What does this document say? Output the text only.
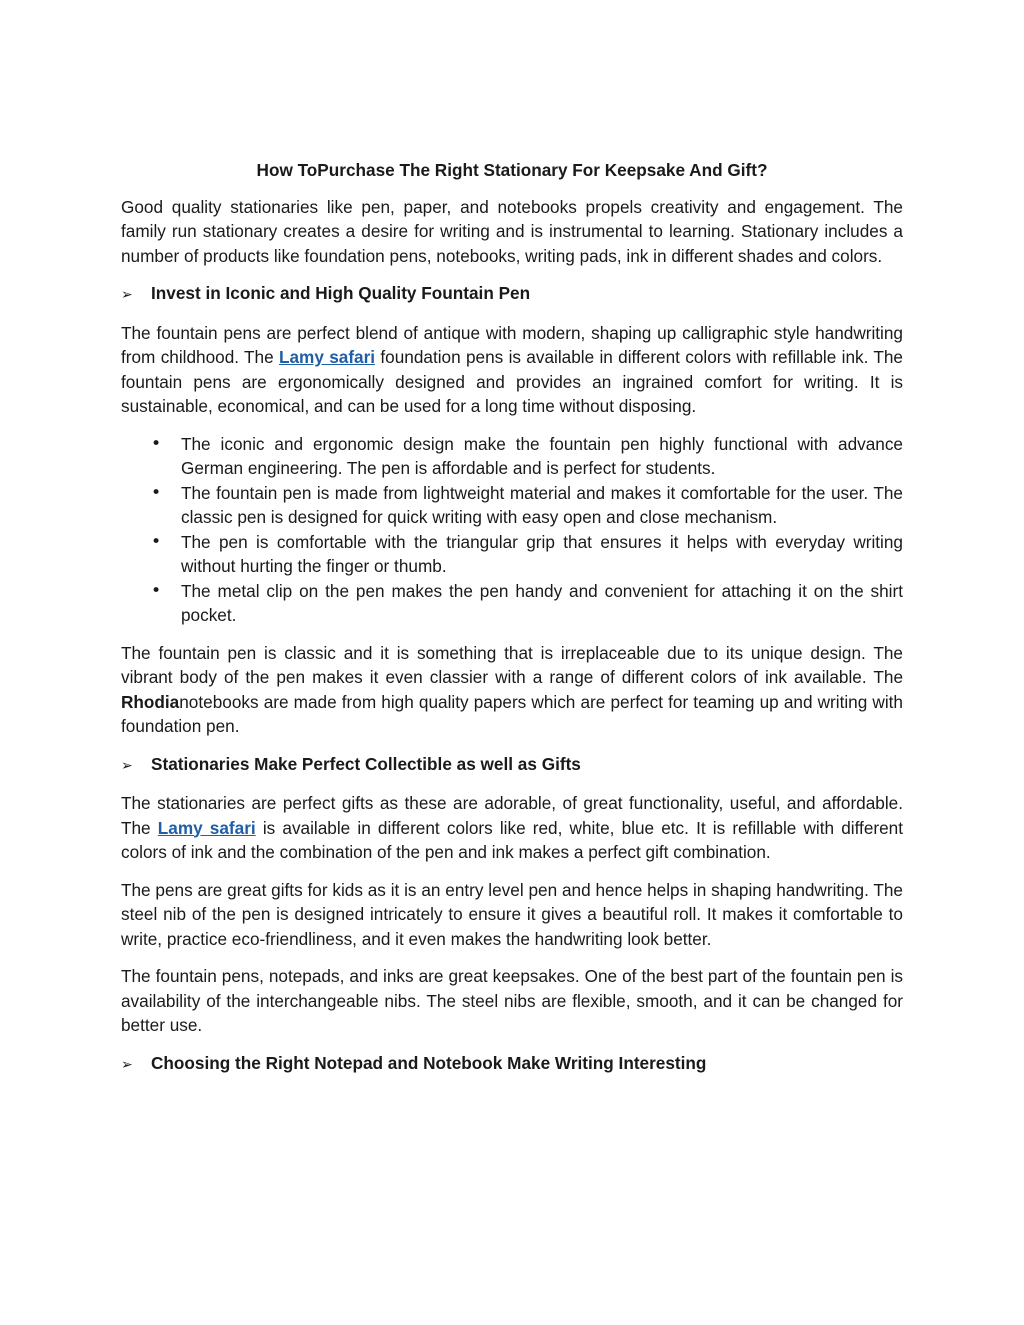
How ToPurchase The Right Stationary For Keepsake And Gift?

Good quality stationaries like pen, paper, and notebooks propels creativity and engagement. The family run stationary creates a desire for writing and is instrumental to learning. Stationary includes a number of products like foundation pens, notebooks, writing pads, ink in different shades and colors.

➢	Invest in Iconic and High Quality Fountain Pen

The fountain pens are perfect blend of antique with modern, shaping up calligraphic style handwriting from childhood. The Lamy safari foundation pens is available in different colors with refillable ink. The fountain pens are ergonomically designed and provides an ingrained comfort for writing. It is sustainable, economical, and can be used for a long time without disposing.

• The iconic and ergonomic design make the fountain pen highly functional with advance German engineering. The pen is affordable and is perfect for students.
• The fountain pen is made from lightweight material and makes it comfortable for the user. The classic pen is designed for quick writing with easy open and close mechanism.
• The pen is comfortable with the triangular grip that ensures it helps with everyday writing without hurting the finger or thumb.
• The metal clip on the pen makes the pen handy and convenient for attaching it on the shirt pocket.

The fountain pen is classic and it is something that is irreplaceable due to its unique design. The vibrant body of the pen makes it even classier with a range of different colors of ink available. The Rhodianotebooks are made from high quality papers which are perfect for teaming up and writing with foundation pen.

➢	Stationaries Make Perfect Collectible as well as Gifts

The stationaries are perfect gifts as these are adorable, of great functionality, useful, and affordable. The Lamy safari is available in different colors like red, white, blue etc. It is refillable with different colors of ink and the combination of the pen and ink makes a perfect gift combination.

The pens are great gifts for kids as it is an entry level pen and hence helps in shaping handwriting. The steel nib of the pen is designed intricately to ensure it gives a beautiful roll. It makes it comfortable to write, practice eco-friendliness, and it even makes the handwriting look better.

The fountain pens, notepads, and inks are great keepsakes. One of the best part of the fountain pen is availability of the interchangeable nibs. The steel nibs are flexible, smooth, and it can be changed for better use.

➢	Choosing the Right Notepad and Notebook Make Writing Interesting
